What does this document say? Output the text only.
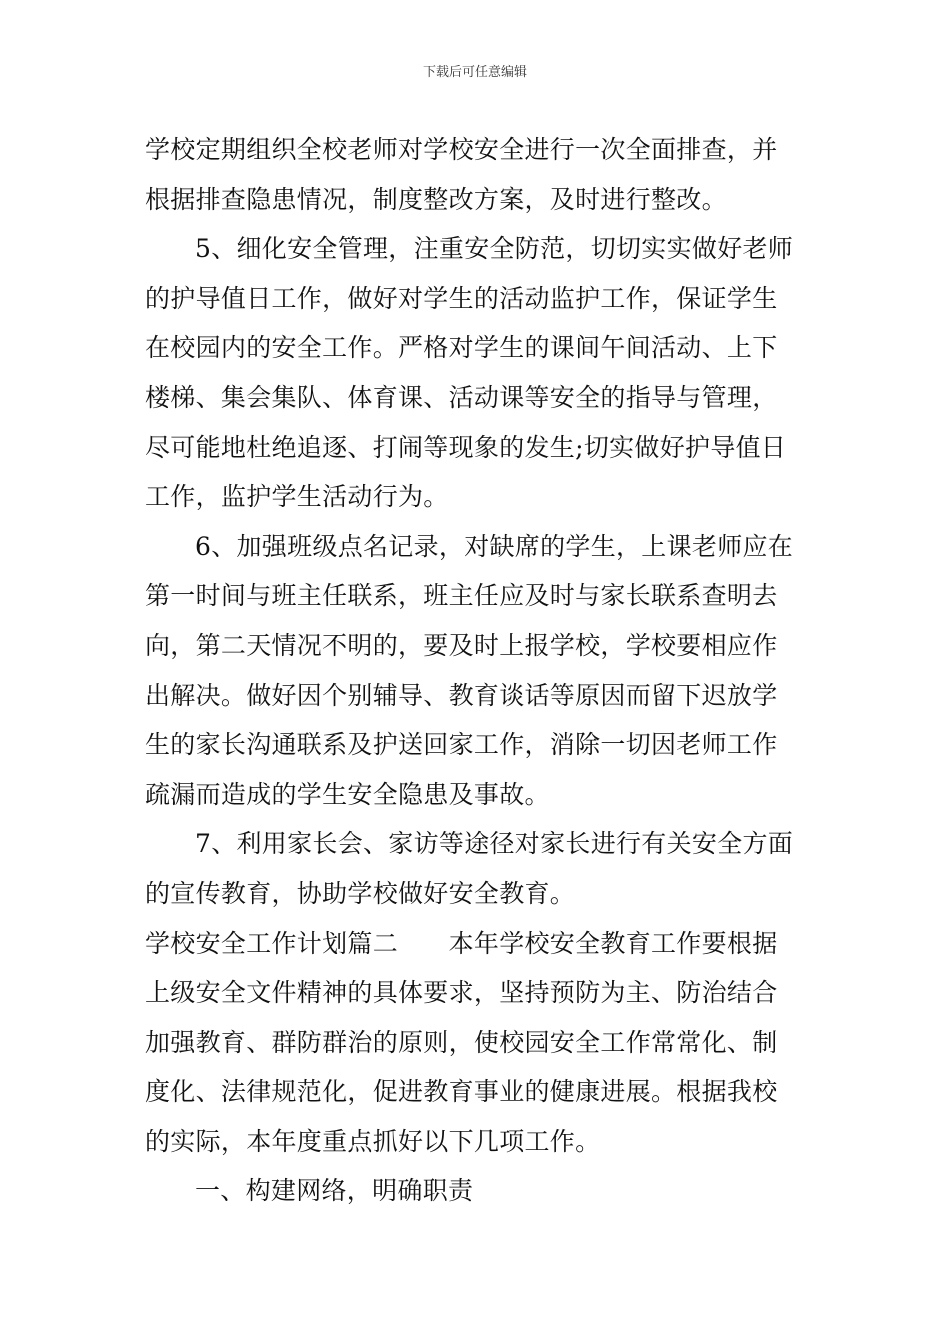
下载后可任意编辑
学校定期组织全校老师对学校安全进行一次全面排查，并
根据排查隐患情况，制度整改方案，及时进行整改。
5、细化安全管理，注重安全防范，切切实实做好老师
的护导值日工作，做好对学生的活动监护工作，保证学生
在校园内的安全工作。严格对学生的课间午间活动、上下
楼梯、集会集队、体育课、活动课等安全的指导与管理，
尽可能地杜绝追逐、打闹等现象的发生;切实做好护导值日
工作，监护学生活动行为。
6、加强班级点名记录，对缺席的学生，上课老师应在
第一时间与班主任联系，班主任应及时与家长联系查明去
向，第二天情况不明的，要及时上报学校，学校要相应作
出解决。做好因个别辅导、教育谈话等原因而留下迟放学
生的家长沟通联系及护送回家工作，消除一切因老师工作
疏漏而造成的学生安全隐患及事故。
7、利用家长会、家访等途径对家长进行有关安全方面
的宣传教育，协助学校做好安全教育。
学校安全工作计划篇二　　本年学校安全教育工作要根据
上级安全文件精神的具体要求，坚持预防为主、防治结合
加强教育、群防群治的原则，使校园安全工作常常化、制
度化、法律规范化，促进教育事业的健康进展。根据我校
的实际，本年度重点抓好以下几项工作。
一、构建网络，明确职责
